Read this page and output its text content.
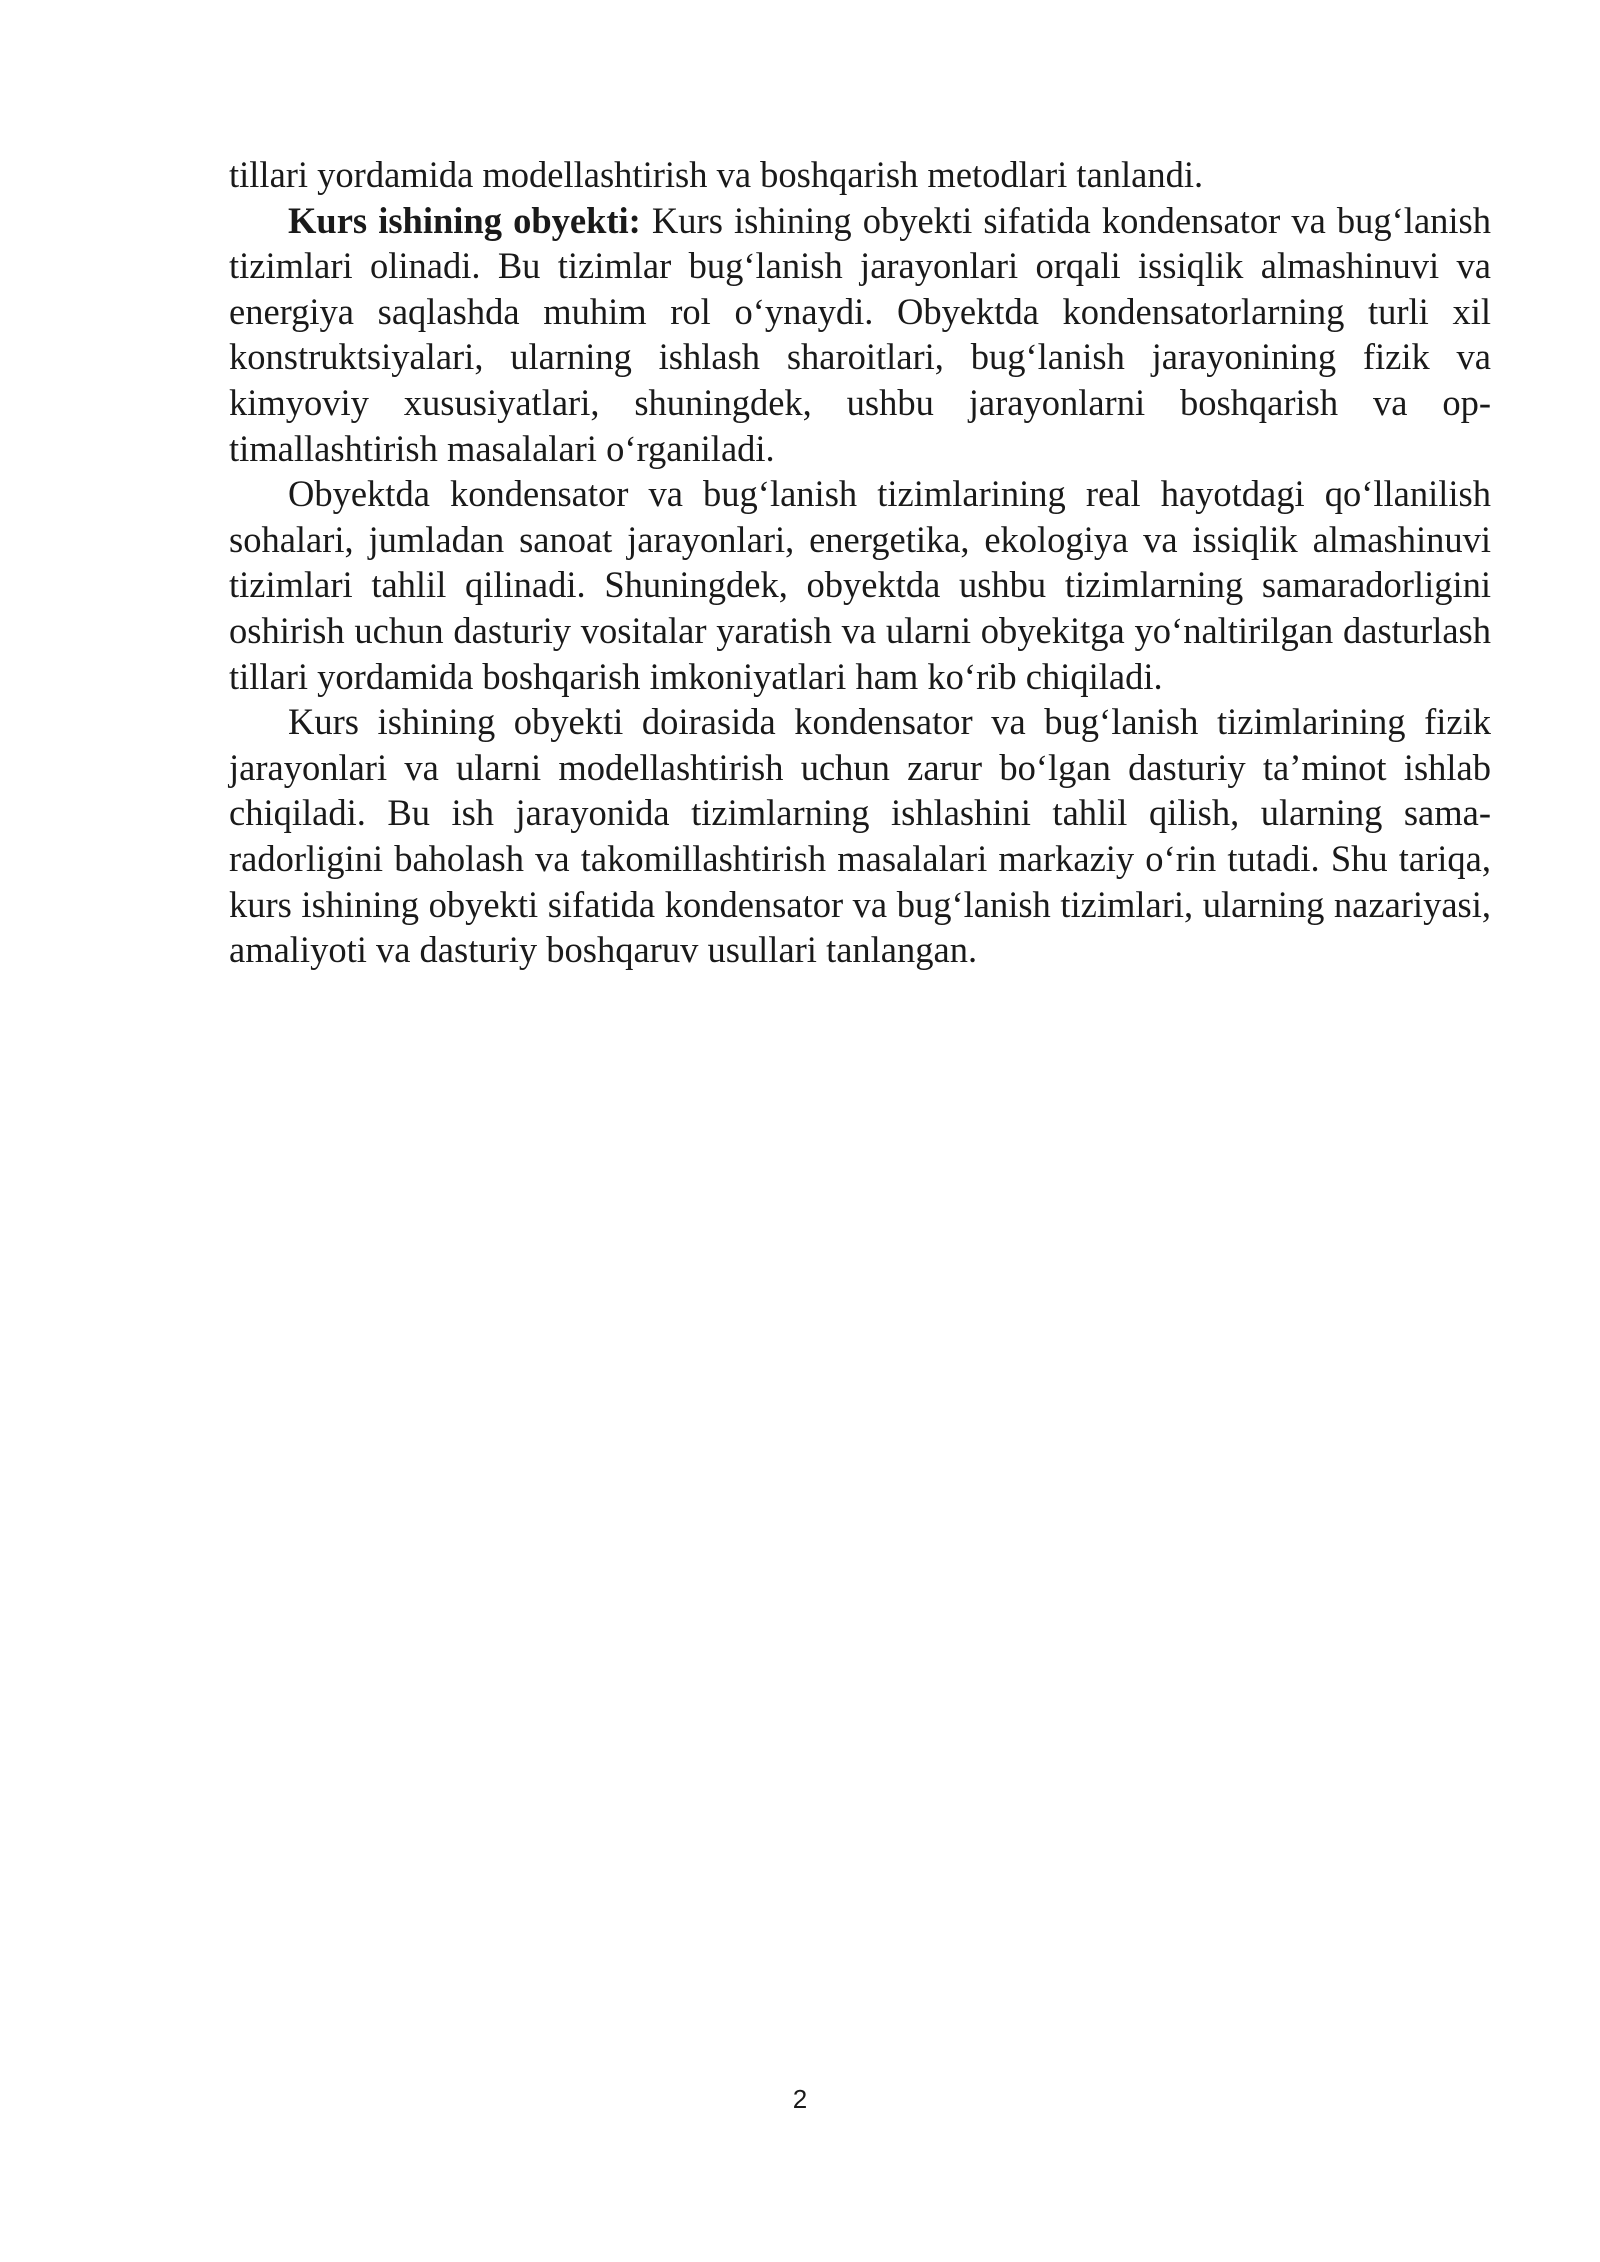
tillari yordamida modellashtirish va boshqarish metodlari tanlandi.

Kurs ishining obyekti: Kurs ishining obyekti sifatida kondensator va bug‘lanish tizimlari olinadi. Bu tizimlar bug‘lanish jarayonlari orqali issiqlik almashinuvi va energiya saqlashda muhim rol o‘ynaydi. Obyektda kondensatorlarning turli xil konstruktsiyalari, ularning ishlash sharoitlari, bug‘lanish jarayonining fizik va kimyoviy xususiyatlari, shuningdek, ushbu jarayonlarni boshqarish va optimallashtirish masalalari o‘rganiladi.

Obyektda kondensator va bug‘lanish tizimlarining real hayotdagi qo‘llanilish sohalari, jumladan sanoat jarayonlari, energetika, ekologiya va issiqlik almashinuvi tizimlari tahlil qilinadi. Shuningdek, obyektda ushbu tizimlarning samaradorligini oshirish uchun dasturiy vositalar yaratish va ularni obyekitga yo‘naltirilgan dasturlash tillari yordamida boshqarish imkoniyatlari ham ko‘rib chiqiladi.

Kurs ishining obyekti doirasida kondensator va bug‘lanish tizimlarining fizik jarayonlari va ularni modellashtirish uchun zarur bo‘lgan dasturiy ta’minot ishlab chiqiladi. Bu ish jarayonida tizimlarning ishlashini tahlil qilish, ularning samaradorligini baholash va takomillashtirish masalalari markaziy o‘rin tutadi. Shu tariqa, kurs ishining obyekti sifatida kondensator va bug‘lanish tizimlari, ularning nazariyasi, amaliyoti va dasturiy boshqaruv usullari tanlangan.

2
